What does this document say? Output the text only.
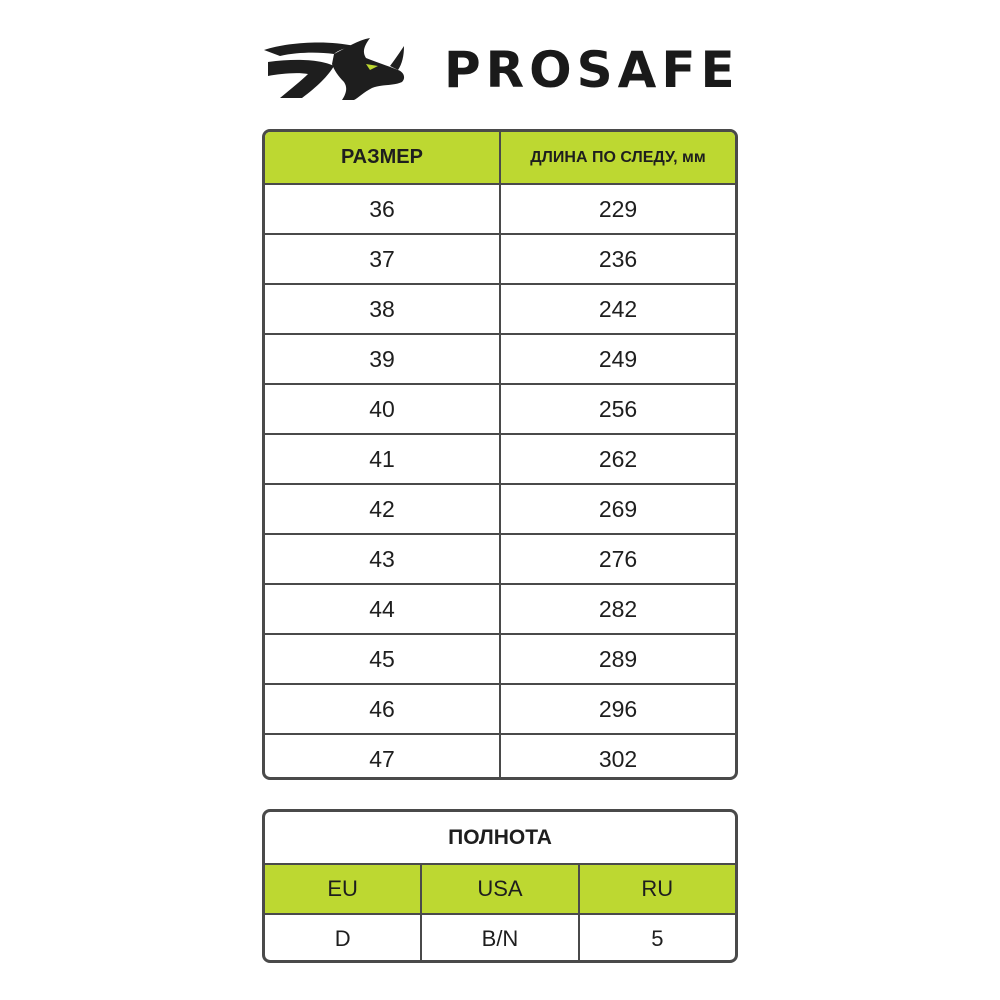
PROSAFE
РАЗМЕР	ДЛИНА ПО СЛЕДУ, мм
36	229
37	236
38	242
39	249
40	256
41	262
42	269
43	276
44	282
45	289
46	296
47	302
ПОЛНОТА
EU	USA	RU
D	B/N	5
